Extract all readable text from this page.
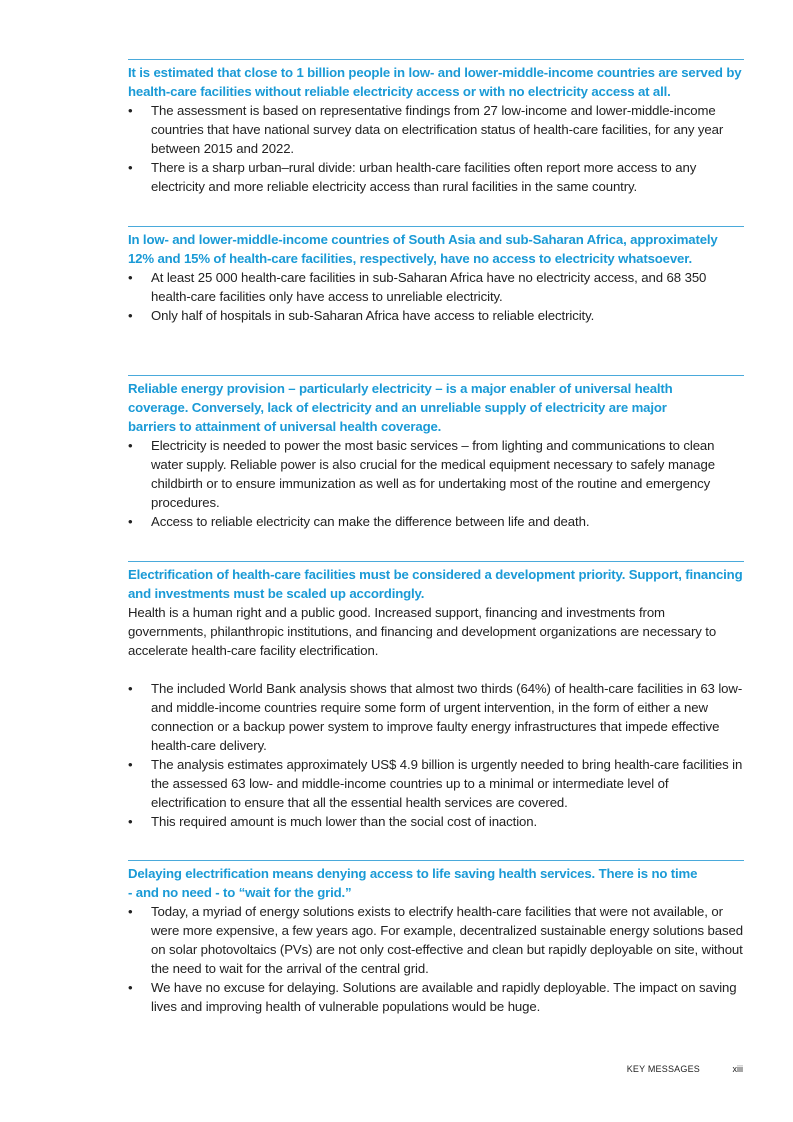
It is estimated that close to 1 billion people in low- and lower-middle-income countries are served by health-care facilities without reliable electricity access or with no electricity access at all.
• The assessment is based on representative findings from 27 low-income and lower-middle-income countries that have national survey data on electrification status of health-care facilities, for any year between 2015 and 2022.
• There is a sharp urban–rural divide: urban health-care facilities often report more access to any electricity and more reliable electricity access than rural facilities in the same country.
In low- and lower-middle-income countries of South Asia and sub-Saharan Africa, approximately 12% and 15% of health-care facilities, respectively, have no access to electricity whatsoever.
• At least 25 000 health-care facilities in sub-Saharan Africa have no electricity access, and 68 350 health-care facilities only have access to unreliable electricity.
• Only half of hospitals in sub-Saharan Africa have access to reliable electricity.
Reliable energy provision – particularly electricity – is a major enabler of universal health coverage. Conversely, lack of electricity and an unreliable supply of electricity are major barriers to attainment of universal health coverage.
• Electricity is needed to power the most basic services – from lighting and communications to clean water supply. Reliable power is also crucial for the medical equipment necessary to safely manage childbirth or to ensure immunization as well as for undertaking most of the routine and emergency procedures.
• Access to reliable electricity can make the difference between life and death.
Electrification of health-care facilities must be considered a development priority. Support, financing and investments must be scaled up accordingly.
Health is a human right and a public good. Increased support, financing and investments from governments, philanthropic institutions, and financing and development organizations are necessary to accelerate health-care facility electrification.
• The included World Bank analysis shows that almost two thirds (64%) of health-care facilities in 63 low- and middle-income countries require some form of urgent intervention, in the form of either a new connection or a backup power system to improve faulty energy infrastructures that impede effective health-care delivery.
• The analysis estimates approximately US$ 4.9 billion is urgently needed to bring health-care facilities in the assessed 63 low- and middle-income countries up to a minimal or intermediate level of electrification to ensure that all the essential health services are covered.
• This required amount is much lower than the social cost of inaction.
Delaying electrification means denying access to life saving health services. There is no time - and no need - to “wait for the grid.”
• Today, a myriad of energy solutions exists to electrify health-care facilities that were not available, or were more expensive, a few years ago. For example, decentralized sustainable energy solutions based on solar photovoltaics (PVs) are not only cost-effective and clean but rapidly deployable on site, without the need to wait for the arrival of the central grid.
• We have no excuse for delaying. Solutions are available and rapidly deployable. The impact on saving lives and improving health of vulnerable populations would be huge.
KEY MESSAGES	xiii
